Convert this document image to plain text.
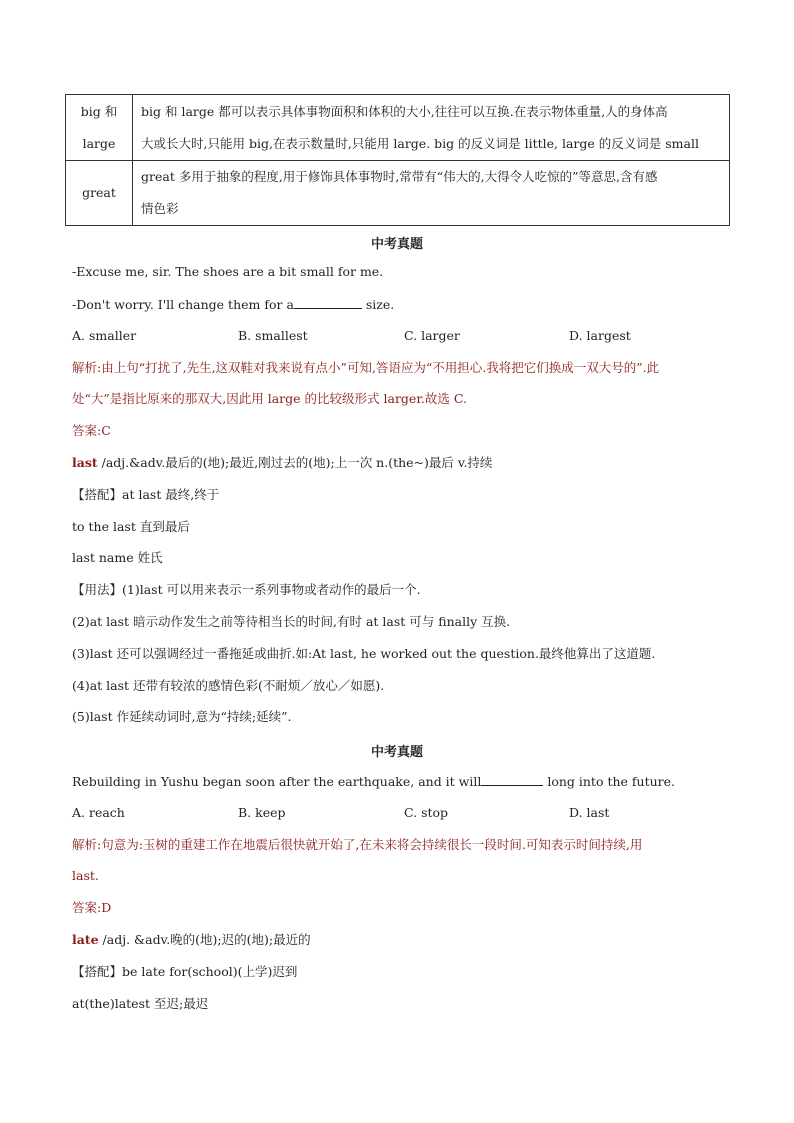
big 和 large	big 和 large 都可以表示具体事物面积和体积的大小,往往可以互换.在表示物体重量,人的身体高
大或长大时,只能用 big,在表示数量时,只能用 large. big 的反义词是 little, large 的反义词是 small

great	great 多用于抽象的程度,用于修饰具体事物时,常带有“伟大的,大得令人吃惊的”等意思,含有感
情色彩
中考真题
-Excuse me, sir. The shoes are a bit small for me.
-Don't worry. I'll change them for a	size.
A. smaller	B. smallest	C. larger	D. largest
解析:由上句“打扰了,先生,这双鞋对我来说有点小”可知,答语应为“不用担心.我将把它们换成一双大号的”.此
处“大”是指比原来的那双大,因此用 large 的比较级形式 larger.故选 C.
答案:C
last /adj.&adv.最后的(地);最近,刚过去的(地);上一次 n.(the~)最后 v.持续
【搭配】at last 最终,终于
to the last 直到最后
last name 姓氏
【用法】(1)last 可以用来表示一系列事物或者动作的最后一个.
(2)at last 暗示动作发生之前等待相当长的时间,有时 at last 可与 finally 互换.
(3)last 还可以强调经过一番拖延或曲折.如:At last, he worked out the question.最终他算出了这道题.
(4)at last 还带有较浓的感情色彩(不耐烦／放心／如愿).
(5)last 作延续动词时,意为“持续;延续”.
中考真题
Rebuilding in Yushu began soon after the earthquake, and it will	long into the future.
A. reach	B. keep	C. stop	D. last
解析:句意为:玉树的重建工作在地震后很快就开始了,在未来将会持续很长一段时间.可知表示时间持续,用
last.
答案:D
late /adj. &adv.晚的(地);迟的(地);最近的
【搭配】be late for(school)(上学)迟到
at(the)latest 至迟;最迟
